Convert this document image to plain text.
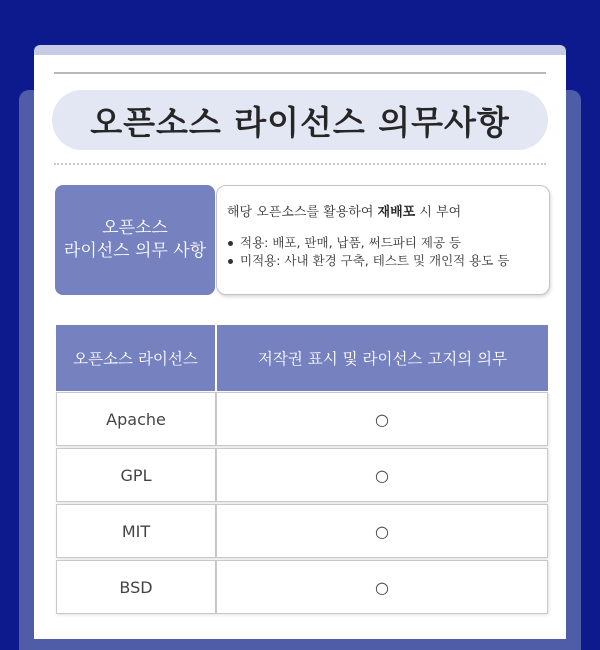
오픈소스 라이선스 의무사항
오픈소스
라이선스 의무 사항
해당 오픈소스를 활용하여 재배포 시 부여
적용: 배포, 판매, 납품, 써드파티 제공 등
미적용: 사내 환경 구축, 테스트 및 개인적 용도 등
오픈소스 라이선스	저작권 표시 및 라이선스 고지의 의무
Apache	○
GPL	○
MIT	○
BSD	○
